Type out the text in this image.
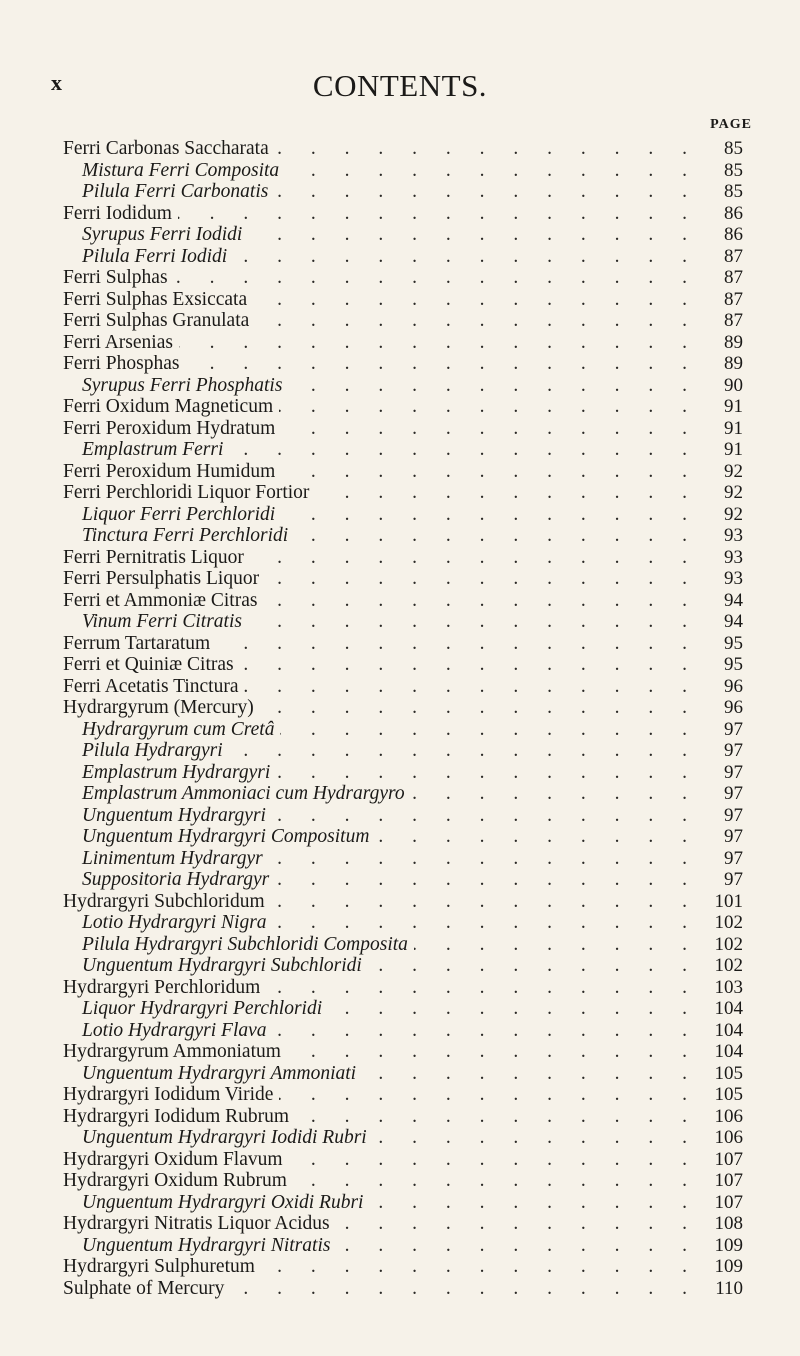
x	CONTENTS.
PAGE
. . .
Ferri Carbonas Saccharata	85
. . .
Mistura Ferri Composita	85
. . .
Pilula Ferri Carbonatis	85
. . .
Ferri Iodidum	86
. . .
Syrupus Ferri Iodidi	86
. . .
Pilula Ferri Iodidi	87
. . .
Ferri Sulphas	87
. . .
Ferri Sulphas Exsiccata	87
. . .
Ferri Sulphas Granulata	87
. . .
Ferri Arsenias	89
. . .
Ferri Phosphas	89
. . .
Syrupus Ferri Phosphatis	90
. . .
Ferri Oxidum Magneticum	91
. . .
Ferri Peroxidum Hydratum	91
. . .
Emplastrum Ferri	91
. . .
Ferri Peroxidum Humidum	92
. . .
Ferri Perchloridi Liquor Fortior	92
. . .
Liquor Ferri Perchloridi	92
. . .
Tinctura Ferri Perchloridi	93
. . .
Ferri Pernitratis Liquor	93
. . .
Ferri Persulphatis Liquor	93
. . .
Ferri et Ammoniæ Citras	94
. . .
Vinum Ferri Citratis	94
. . .
Ferrum Tartaratum	95
. . .
Ferri et Quiniæ Citras	95
. . .
Ferri Acetatis Tinctura	96
. . .
Hydrargyrum (Mercury)	96
. . .
Hydrargyrum cum Cretâ	97
. . .
Pilula Hydrargyri	97
. . .
Emplastrum Hydrargyri	97
. . .
Emplastrum Ammoniaci cum Hydrargyro	97
. . .
Unguentum Hydrargyri	97
. . .
Unguentum Hydrargyri Compositum	97
. . .
Linimentum Hydrargyr	97
. . .
Suppositoria Hydrargyr	97
. . .
Hydrargyri Subchloridum	101
. . .
Lotio Hydrargyri Nigra	102
. . .
Pilula Hydrargyri Subchloridi Composita	102
. . .
Unguentum Hydrargyri Subchloridi	102
. . .
Hydrargyri Perchloridum	103
. . .
Liquor Hydrargyri Perchloridi	104
. . .
Lotio Hydrargyri Flava	104
. . .
Hydrargyrum Ammoniatum	104
. . .
Unguentum Hydrargyri Ammoniati	105
. . .
Hydrargyri Iodidum Viride	105
. . .
Hydrargyri Iodidum Rubrum	106
. . .
Unguentum Hydrargyri Iodidi Rubri	106
. . .
Hydrargyri Oxidum Flavum	107
. . .
Hydrargyri Oxidum Rubrum	107
. . .
Unguentum Hydrargyri Oxidi Rubri	107
. . .
Hydrargyri Nitratis Liquor Acidus	108
. . .
Unguentum Hydrargyri Nitratis	109
. . .
Hydrargyri Sulphuretum	109
. . .
Sulphate of Mercury	110
